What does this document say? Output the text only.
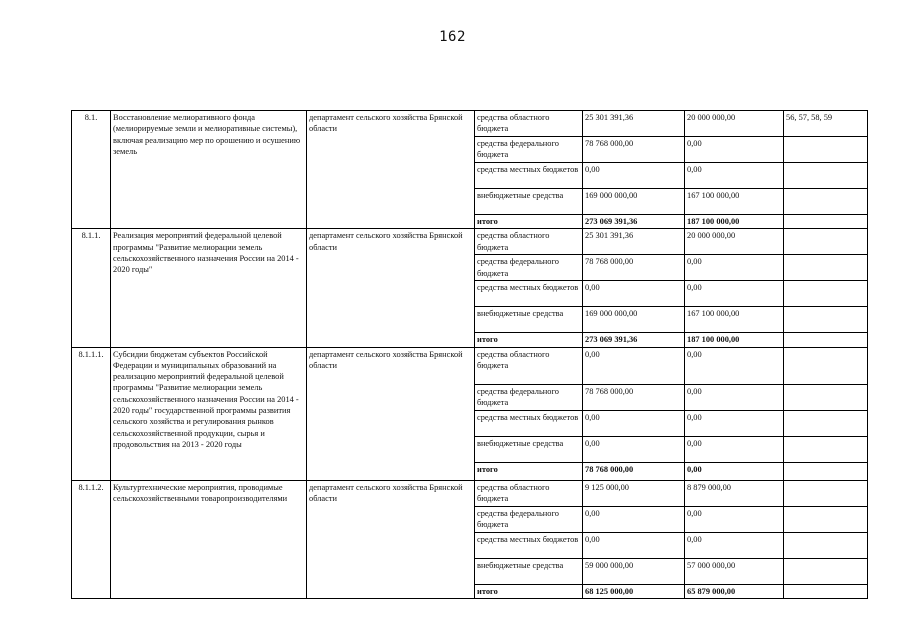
162
8.1.	Восстановление мелиоративного фонда (мелиорируемые земли и мелиоративные системы), включая реализацию мер по орошению и осушению земель	департамент сельского хозяйства Брянской области	средства областного бюджета	25 301 391,36	20 000 000,00	56, 57, 58, 59
			средства федерального бюджета	78 768 000,00	0,00	
			средства местных бюджетов	0,00	0,00	
			внебюджетные средства	169 000 000,00	167 100 000,00	
			итого	273 069 391,36	187 100 000,00	
8.1.1.	Реализация мероприятий федеральной целевой программы "Развитие мелиорации земель сельскохозяйственного назначения России на 2014 - 2020 годы"	департамент сельского хозяйства Брянской области	средства областного бюджета	25 301 391,36	20 000 000,00	
			средства федерального бюджета	78 768 000,00	0,00	
			средства местных бюджетов	0,00	0,00	
			внебюджетные средства	169 000 000,00	167 100 000,00	
			итого	273 069 391,36	187 100 000,00	
8.1.1.1.	Субсидии бюджетам субъектов Российской Федерации и муниципальных образований на реализацию мероприятий федеральной целевой программы "Развитие мелиорации земель сельскохозяйственного назначения России на 2014 - 2020 годы" государственной программы развития сельского хозяйства и регулирования рынков сельскохозяйственной продукции, сырья и продовольствия на 2013 - 2020 годы	департамент сельского хозяйства Брянской области	средства областного бюджета	0,00	0,00	
			средства федерального бюджета	78 768 000,00	0,00	
			средства местных бюджетов	0,00	0,00	
			внебюджетные средства	0,00	0,00	
			итого	78 768 000,00	0,00	
8.1.1.2.	Культуртехнические мероприятия, проводимые сельскохозяйственными товаропроизводителями	департамент сельского хозяйства Брянской области	средства областного бюджета	9 125 000,00	8 879 000,00	
			средства федерального бюджета	0,00	0,00	
			средства местных бюджетов	0,00	0,00	
			внебюджетные средства	59 000 000,00	57 000 000,00	
			итого	68 125 000,00	65 879 000,00	
